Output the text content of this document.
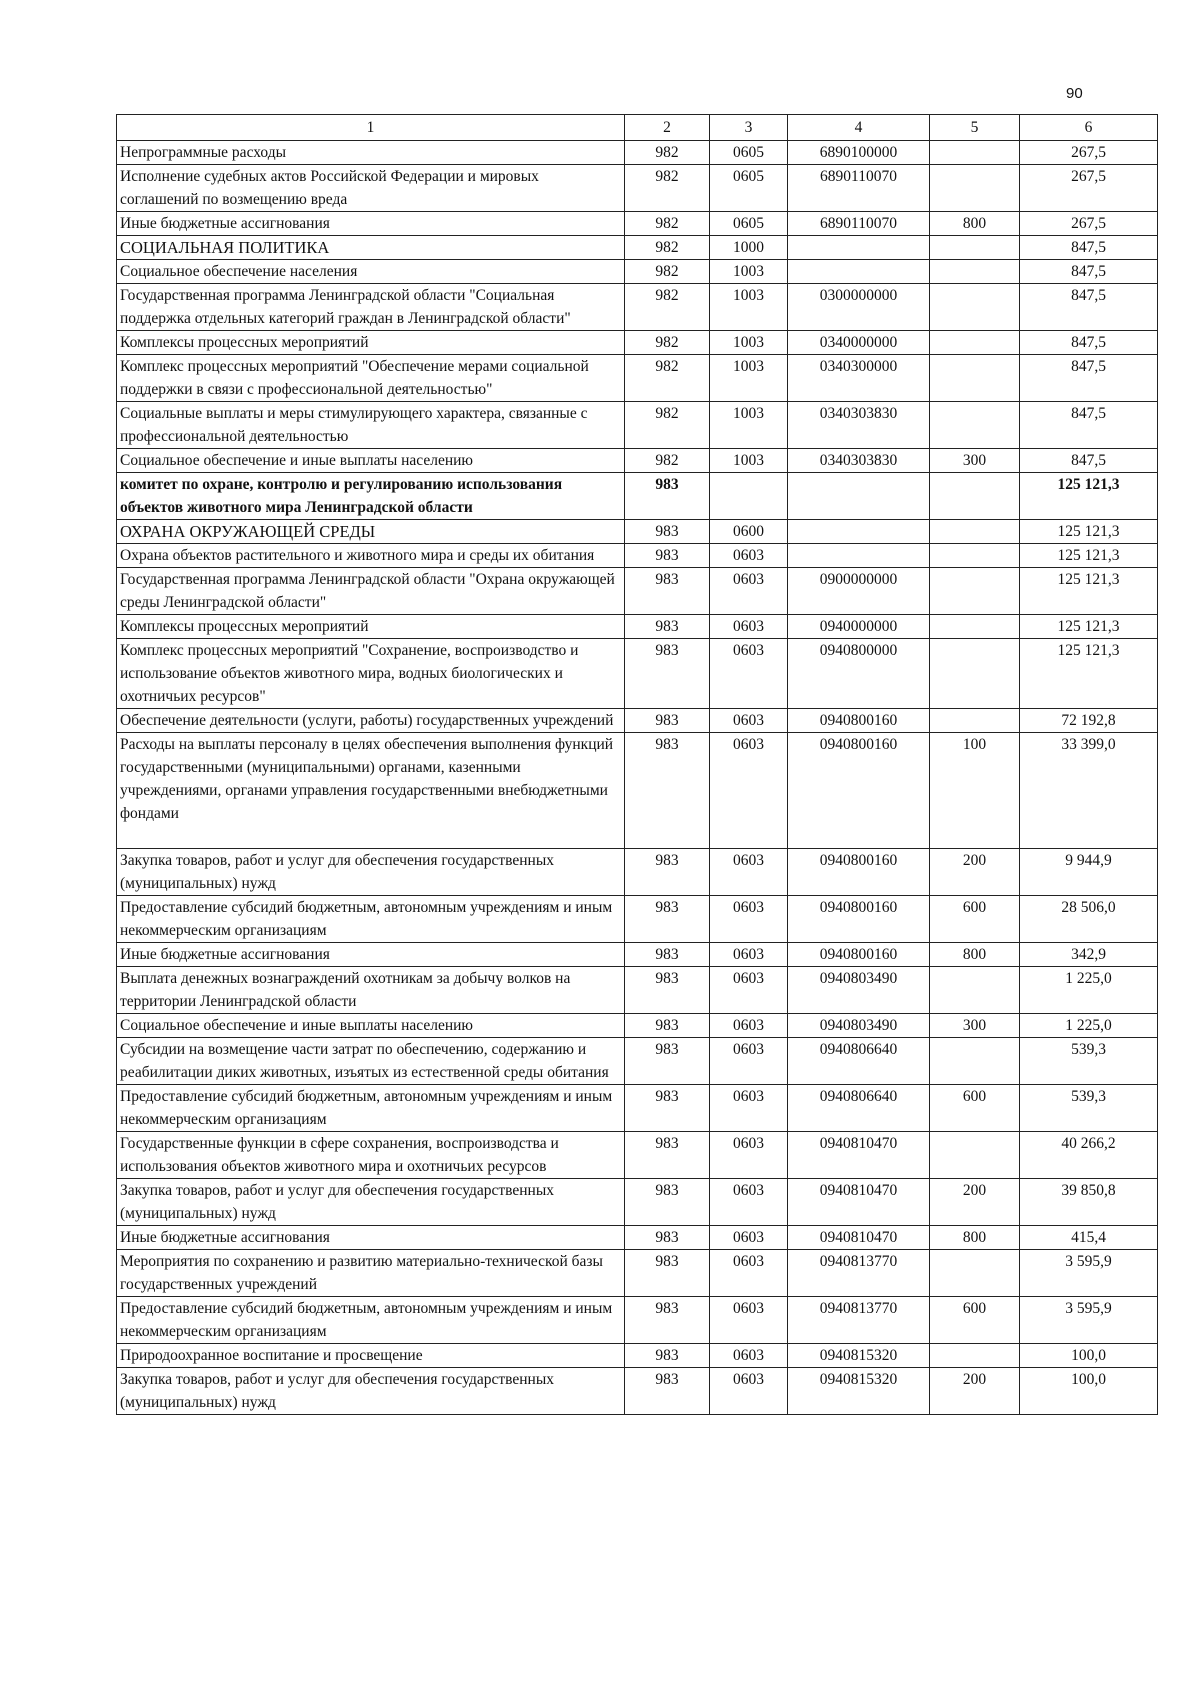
90
1	2	3	4	5	6
Непрограммные расходы	982	0605	6890100000		267,5
Исполнение судебных актов Российской Федерации и мировых соглашений по возмещению вреда	982	0605	6890110070		267,5
Иные бюджетные ассигнования	982	0605	6890110070	800	267,5
СОЦИАЛЬНАЯ ПОЛИТИКА	982	1000			847,5
Социальное обеспечение населения	982	1003			847,5
Государственная программа Ленинградской области "Социальная поддержка отдельных категорий граждан в Ленинградской области"	982	1003	0300000000		847,5
Комплексы процессных мероприятий	982	1003	0340000000		847,5
Комплекс процессных мероприятий "Обеспечение мерами социальной поддержки в связи с профессиональной деятельностью"	982	1003	0340300000		847,5
Социальные выплаты и меры стимулирующего характера, связанные с профессиональной деятельностью	982	1003	0340303830		847,5
Социальное обеспечение и иные выплаты населению	982	1003	0340303830	300	847,5
комитет по охране, контролю и регулированию использования объектов животного мира Ленинградской области	983				125 121,3
ОХРАНА ОКРУЖАЮЩЕЙ СРЕДЫ	983	0600			125 121,3
Охрана объектов растительного и животного мира и среды их обитания	983	0603			125 121,3
Государственная программа Ленинградской области "Охрана окружающей среды Ленинградской области"	983	0603	0900000000		125 121,3
Комплексы процессных мероприятий	983	0603	0940000000		125 121,3
Комплекс процессных мероприятий "Сохранение, воспроизводство и использование объектов животного мира, водных биологических и охотничьих ресурсов"	983	0603	0940800000		125 121,3
Обеспечение деятельности (услуги, работы) государственных учреждений	983	0603	0940800160		72 192,8
Расходы на выплаты персоналу в целях обеспечения выполнения функций государственными (муниципальными) органами, казенными учреждениями, органами управления государственными внебюджетными фондами	983	0603	0940800160	100	33 399,0
Закупка товаров, работ и услуг для обеспечения государственных (муниципальных) нужд	983	0603	0940800160	200	9 944,9
Предоставление субсидий бюджетным, автономным учреждениям и иным некоммерческим организациям	983	0603	0940800160	600	28 506,0
Иные бюджетные ассигнования	983	0603	0940800160	800	342,9
Выплата денежных вознаграждений охотникам за добычу волков на территории Ленинградской области	983	0603	0940803490		1 225,0
Социальное обеспечение и иные выплаты населению	983	0603	0940803490	300	1 225,0
Субсидии на возмещение части затрат по обеспечению, содержанию и реабилитации диких животных, изъятых из естественной среды обитания	983	0603	0940806640		539,3
Предоставление субсидий бюджетным, автономным учреждениям и иным некоммерческим организациям	983	0603	0940806640	600	539,3
Государственные функции в сфере сохранения, воспроизводства и использования объектов животного мира и охотничьих ресурсов	983	0603	0940810470		40 266,2
Закупка товаров, работ и услуг для обеспечения государственных (муниципальных) нужд	983	0603	0940810470	200	39 850,8
Иные бюджетные ассигнования	983	0603	0940810470	800	415,4
Мероприятия по сохранению и развитию материально-технической базы государственных учреждений	983	0603	0940813770		3 595,9
Предоставление субсидий бюджетным, автономным учреждениям и иным некоммерческим организациям	983	0603	0940813770	600	3 595,9
Природоохранное воспитание и просвещение	983	0603	0940815320		100,0
Закупка товаров, работ и услуг для обеспечения государственных (муниципальных) нужд	983	0603	0940815320	200	100,0
